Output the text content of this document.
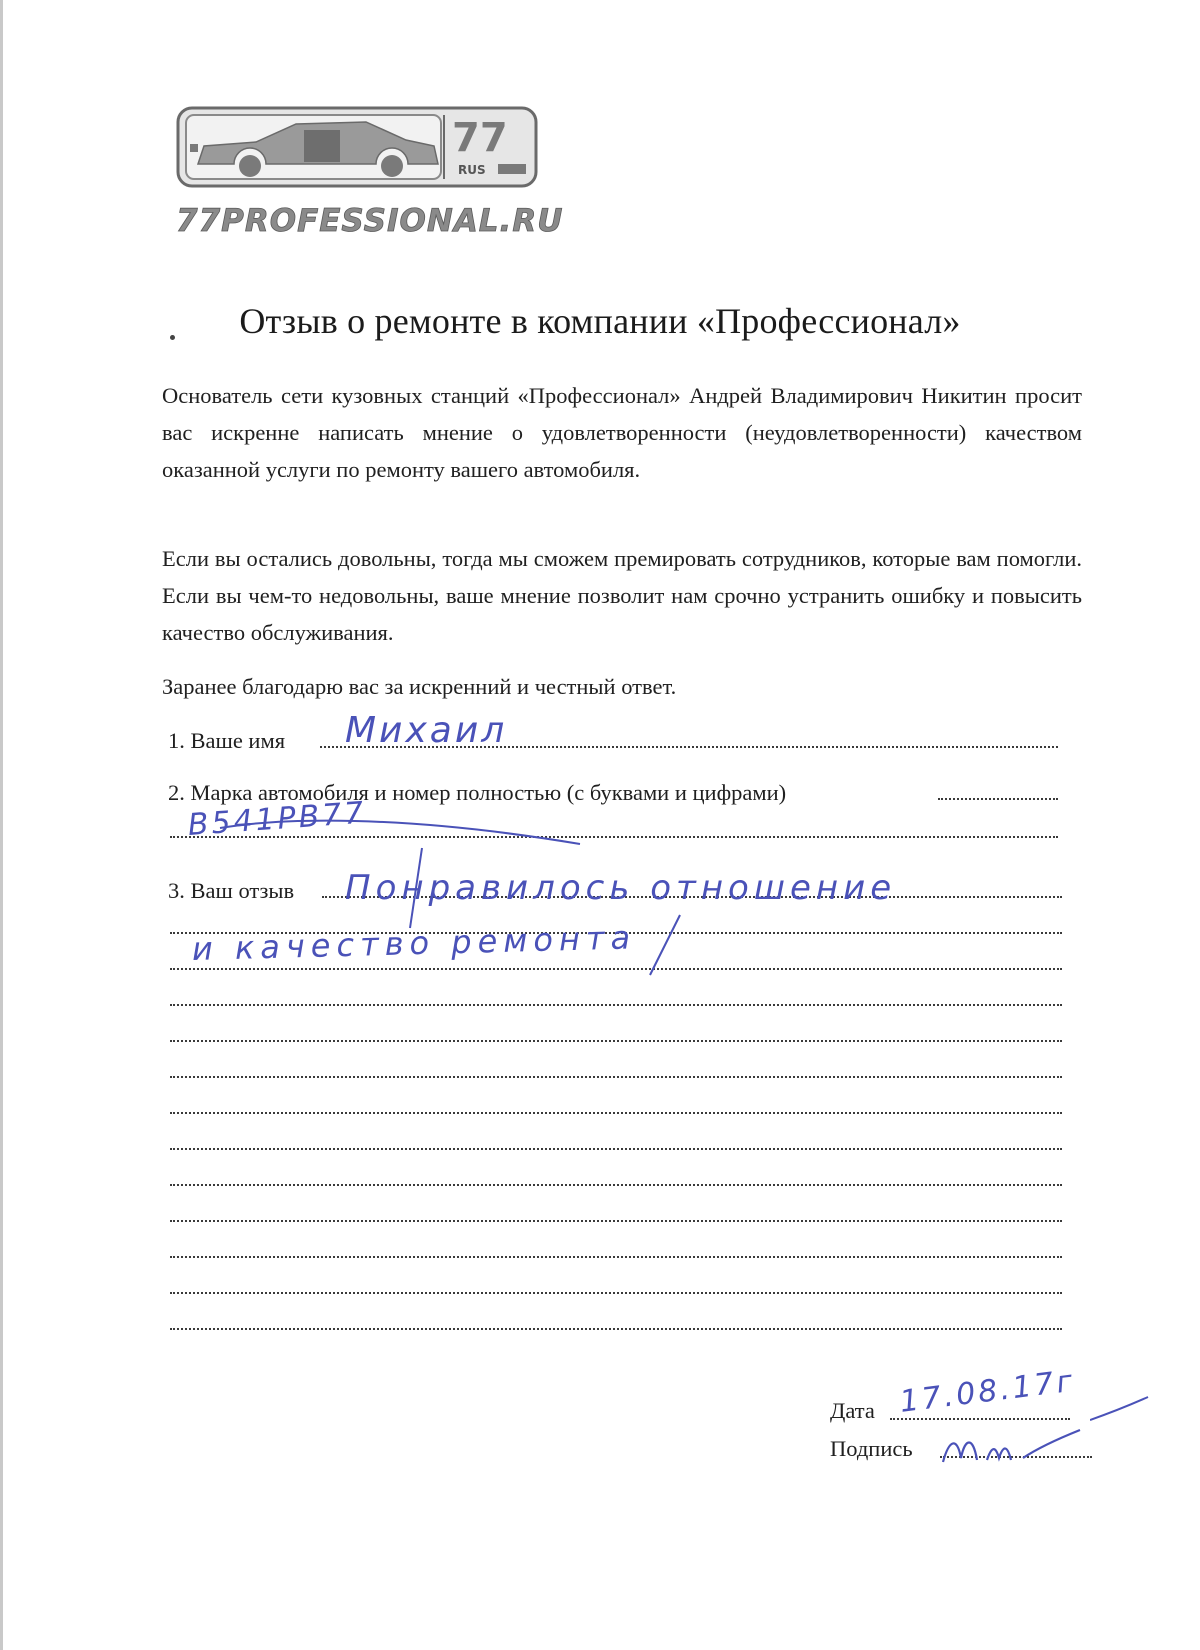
77
RUS
77PROFESSIONAL.RU
Отзыв о ремонте в компании «Профессионал»
Основатель сети кузовных станций «Профессионал» Андрей Владимирович Никитин просит вас искренне написать мнение о удовлетворенности (неудовлетворенности) качеством оказанной услуги по ремонту вашего автомобиля.
Если вы остались довольны, тогда мы сможем премировать сотрудников, которые вам помогли. Если вы чем-то недовольны, ваше мнение позволит нам срочно устранить ошибку и повысить качество обслуживания.
Заранее благодарю вас за искренний и честный ответ.
1. Ваше имя Михаил
2. Марка автомобиля и номер полностью (с буквами и цифрами)
В541РВ77
3. Ваш отзыв Понравилось отношение
и качество ремонта
Дата 17.08.17г
Подпись
